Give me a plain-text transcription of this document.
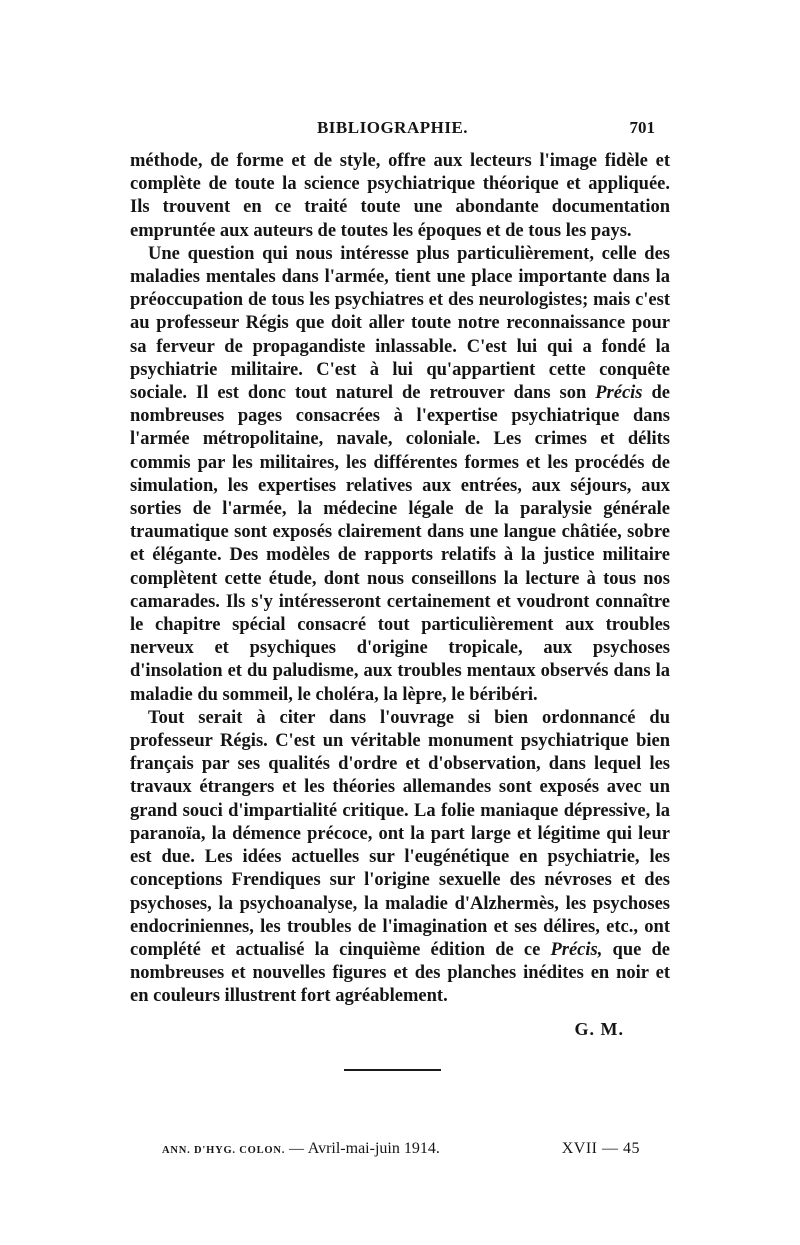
BIBLIOGRAPHIE.	701

méthode, de forme et de style, offre aux lecteurs l'image fidèle et complète de toute la science psychiatrique théorique et appliquée. Ils trouvent en ce traité toute une abondante documentation empruntée aux auteurs de toutes les époques et de tous les pays.

Une question qui nous intéresse plus particulièrement, celle des maladies mentales dans l'armée, tient une place importante dans la préoccupation de tous les psychiatres et des neurologistes; mais c'est au professeur Régis que doit aller toute notre reconnaissance pour sa ferveur de propagandiste inlassable. C'est lui qui a fondé la psychiatrie militaire. C'est à lui qu'appartient cette conquête sociale. Il est donc tout naturel de retrouver dans son Précis de nombreuses pages consacrées à l'expertise psychiatrique dans l'armée métropolitaine, navale, coloniale. Les crimes et délits commis par les militaires, les différentes formes et les procédés de simulation, les expertises relatives aux entrées, aux séjours, aux sorties de l'armée, la médecine légale de la paralysie générale traumatique sont exposés clairement dans une langue châtiée, sobre et élégante. Des modèles de rapports relatifs à la justice militaire complètent cette étude, dont nous conseillons la lecture à tous nos camarades. Ils s'y intéresseront certainement et voudront connaître le chapitre spécial consacré tout particulièrement aux troubles nerveux et psychiques d'origine tropicale, aux psychoses d'insolation et du paludisme, aux troubles mentaux observés dans la maladie du sommeil, le choléra, la lèpre, le béribéri.

Tout serait à citer dans l'ouvrage si bien ordonnancé du professeur Régis. C'est un véritable monument psychiatrique bien français par ses qualités d'ordre et d'observation, dans lequel les travaux étrangers et les théories allemandes sont exposés avec un grand souci d'impartialité critique. La folie maniaque dépressive, la paranoïa, la démence précoce, ont la part large et légitime qui leur est due. Les idées actuelles sur l'eugénétique en psychiatrie, les conceptions Frendiques sur l'origine sexuelle des névroses et des psychoses, la psychoanalyse, la maladie d'Alzhermès, les psychoses endocriniennes, les troubles de l'imagination et ses délires, etc., ont complété et actualisé la cinquième édition de ce Précis, que de nombreuses et nouvelles figures et des planches inédites en noir et en couleurs illustrent fort agréablement.

G. M.
ANN. D'HYG. COLON. — Avril-mai-juin 1914.	XVII — 45
